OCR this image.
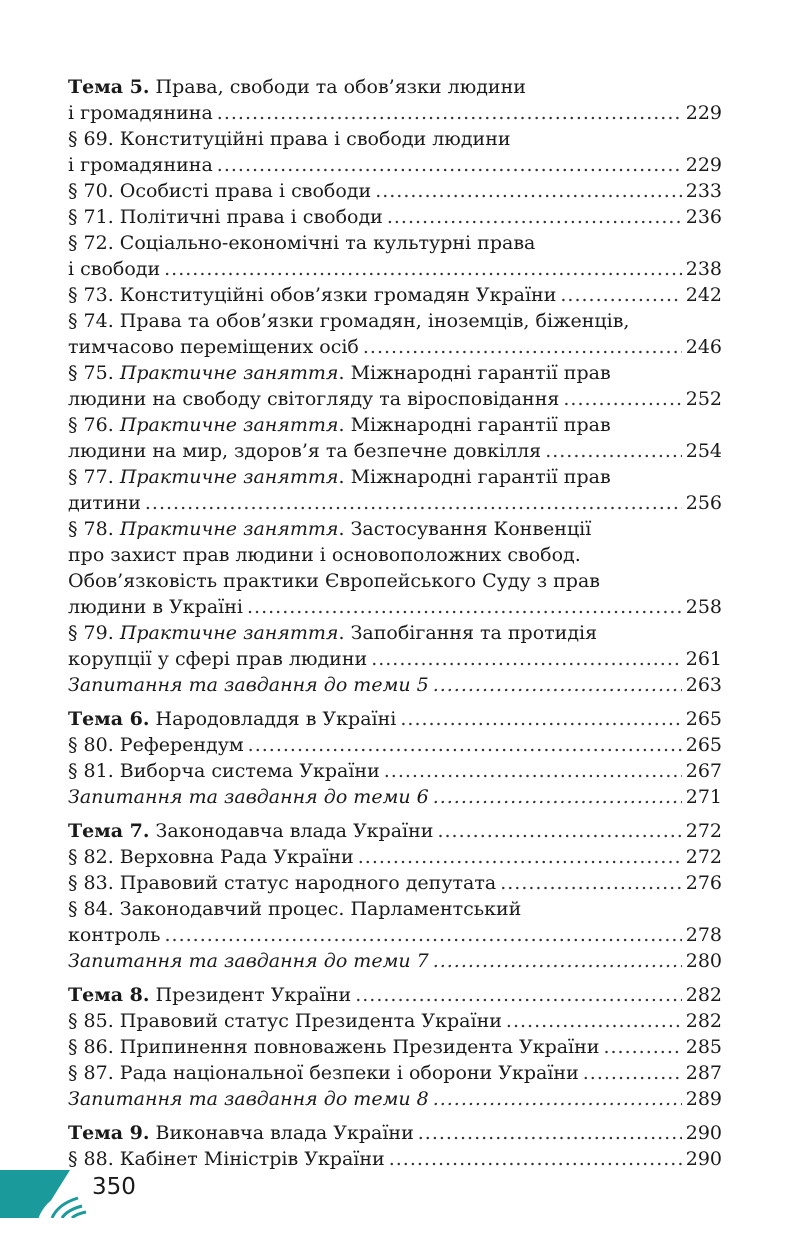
Тема 5. Права, свободи та обов’язки людини
і громадянина .....	229
§ 69. Конституційні права і свободи людини
і громадянина .....	229
§ 70. Особисті права і свободи .....	233
§ 71. Політичні права і свободи .....	236
§ 72. Соціально-економічні та культурні права
і свободи .....	238
§ 73. Конституційні обов’язки громадян України .....	242
§ 74. Права та обов’язки громадян, іноземців, біженців,
тимчасово переміщених осіб .....	246
§ 75. Практичне заняття. Міжнародні гарантії прав
людини на свободу світогляду та віросповідання .....	252
§ 76. Практичне заняття. Міжнародні гарантії прав
людини на мир, здоров’я та безпечне довкілля .....	254
§ 77. Практичне заняття. Міжнародні гарантії прав
дитини .....	256
§ 78. Практичне заняття. Застосування Конвенції
про захист прав людини і основоположних свобод.
Обов’язковість практики Європейського Суду з прав
людини в Україні .....	258
§ 79. Практичне заняття. Запобігання та протидія
корупції у сфері прав людини .....	261
Запитання та завдання до теми 5 .....	263
Тема 6. Народовладдя в Україні .....	265
§ 80. Референдум .....	265
§ 81. Виборча система України .....	267
Запитання та завдання до теми 6 .....	271
Тема 7. Законодавча влада України .....	272
§ 82. Верховна Рада України .....	272
§ 83. Правовий статус народного депутата .....	276
§ 84. Законодавчий процес. Парламентський
контроль .....	278
Запитання та завдання до теми 7 .....	280
Тема 8. Президент України .....	282
§ 85. Правовий статус Президента України .....	282
§ 86. Припинення повноважень Президента України .....	285
§ 87. Рада національної безпеки і оборони України .....	287
Запитання та завдання до теми 8 .....	289
Тема 9. Виконавча влада України .....	290
§ 88. Кабінет Міністрів України .....	290
350
